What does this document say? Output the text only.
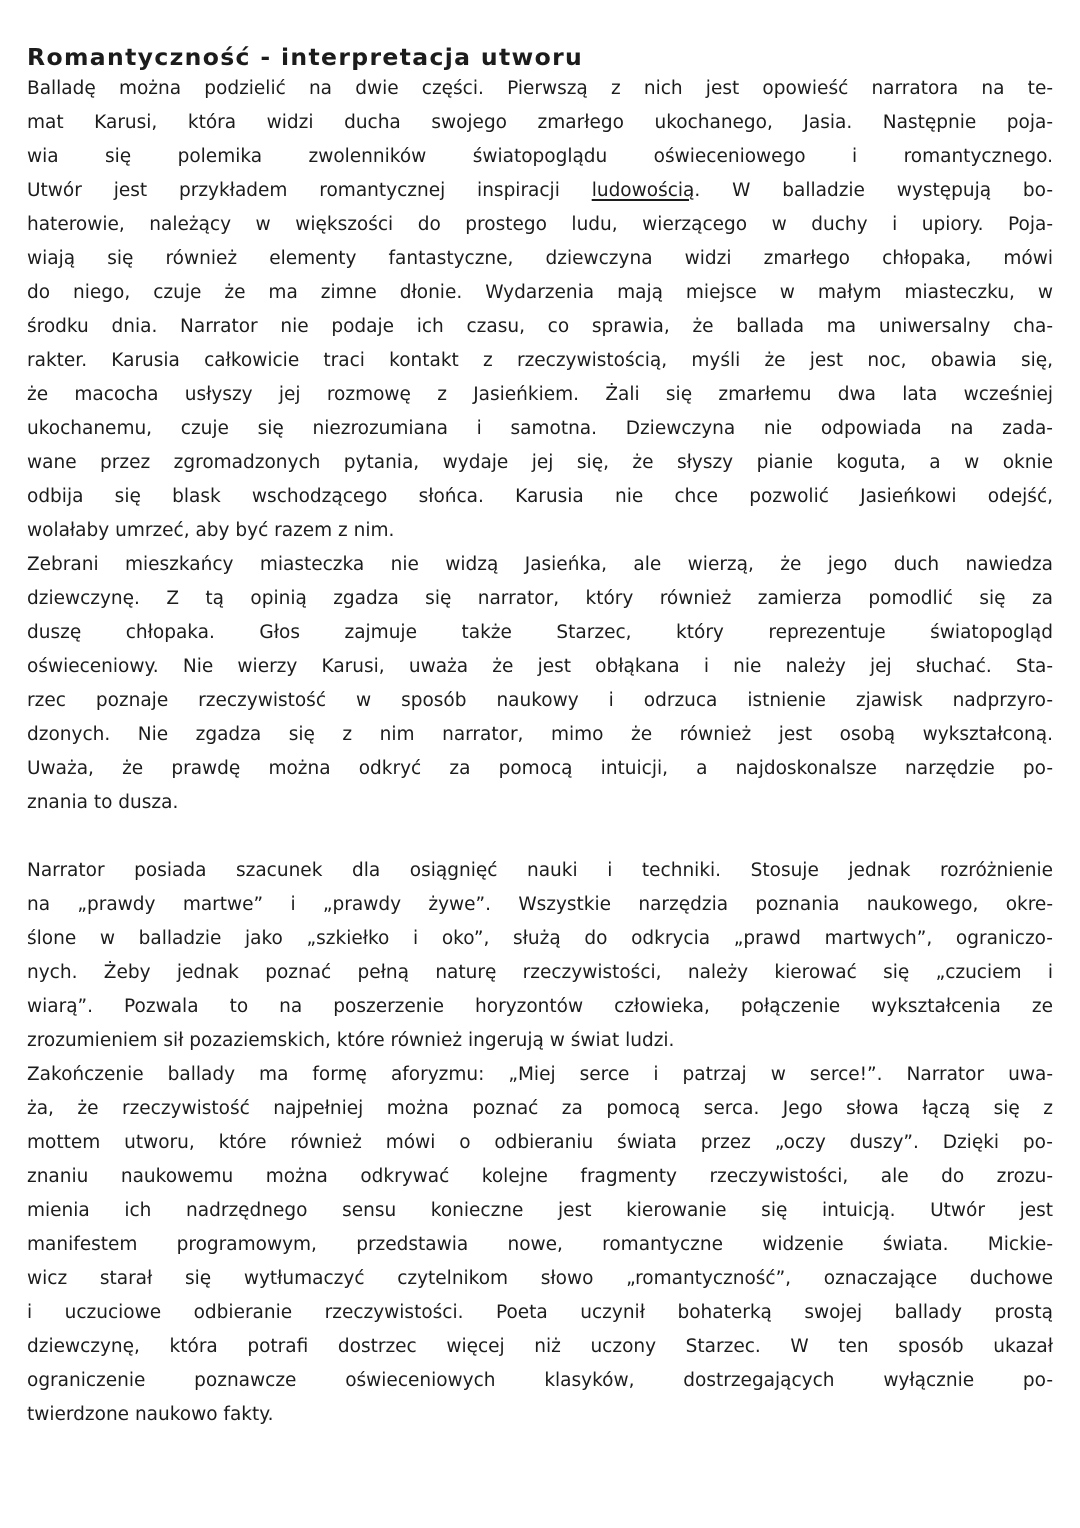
Romantyczność - interpretacja utworu
Balladę można podzielić na dwie części. Pierwszą z nich jest opowieść narratora na te-
mat Karusi, która widzi ducha swojego zmarłego ukochanego, Jasia. Następnie poja-
wia się polemika zwolenników światopoglądu oświeceniowego i romantycznego.
Utwór jest przykładem romantycznej inspiracji ludowością. W balladzie występują bo-
haterowie, należący w większości do prostego ludu, wierzącego w duchy i upiory. Poja-
wiają się również elementy fantastyczne, dziewczyna widzi zmarłego chłopaka, mówi
do niego, czuje że ma zimne dłonie. Wydarzenia mają miejsce w małym miasteczku, w
środku dnia. Narrator nie podaje ich czasu, co sprawia, że ballada ma uniwersalny cha-
rakter. Karusia całkowicie traci kontakt z rzeczywistością, myśli że jest noc, obawia się,
że macocha usłyszy jej rozmowę z Jasieńkiem. Żali się zmarłemu dwa lata wcześniej
ukochanemu, czuje się niezrozumiana i samotna. Dziewczyna nie odpowiada na zada-
wane przez zgromadzonych pytania, wydaje jej się, że słyszy pianie koguta, a w oknie
odbija się blask wschodzącego słońca. Karusia nie chce pozwolić Jasieńkowi odejść,
wolałaby umrzeć, aby być razem z nim.
Zebrani mieszkańcy miasteczka nie widzą Jasieńka, ale wierzą, że jego duch nawiedza
dziewczynę. Z tą opinią zgadza się narrator, który również zamierza pomodlić się za
duszę chłopaka. Głos zajmuje także Starzec, który reprezentuje światopogląd
oświeceniowy. Nie wierzy Karusi, uważa że jest obłąkana i nie należy jej słuchać. Sta-
rzec poznaje rzeczywistość w sposób naukowy i odrzuca istnienie zjawisk nadprzyro-
dzonych. Nie zgadza się z nim narrator, mimo że również jest osobą wykształconą.
Uważa, że prawdę można odkryć za pomocą intuicji, a najdoskonalsze narzędzie po-
znania to dusza.
Narrator posiada szacunek dla osiągnięć nauki i techniki. Stosuje jednak rozróżnienie
na „prawdy martwe” i „prawdy żywe”. Wszystkie narzędzia poznania naukowego, okre-
ślone w balladzie jako „szkiełko i oko”, służą do odkrycia „prawd martwych”, ograniczo-
nych. Żeby jednak poznać pełną naturę rzeczywistości, należy kierować się „czuciem i
wiarą”. Pozwala to na poszerzenie horyzontów człowieka, połączenie wykształcenia ze
zrozumieniem sił pozaziemskich, które również ingerują w świat ludzi.
Zakończenie ballady ma formę aforyzmu: „Miej serce i patrzaj w serce!”. Narrator uwa-
ża, że rzeczywistość najpełniej można poznać za pomocą serca. Jego słowa łączą się z
mottem utworu, które również mówi o odbieraniu świata przez „oczy duszy”. Dzięki po-
znaniu naukowemu można odkrywać kolejne fragmenty rzeczywistości, ale do zrozu-
mienia ich nadrzędnego sensu konieczne jest kierowanie się intuicją. Utwór jest
manifestem programowym, przedstawia nowe, romantyczne widzenie świata. Mickie-
wicz starał się wytłumaczyć czytelnikom słowo „romantyczność”, oznaczające duchowe
i uczuciowe odbieranie rzeczywistości. Poeta uczynił bohaterką swojej ballady prostą
dziewczynę, która potrafi dostrzec więcej niż uczony Starzec. W ten sposób ukazał
ograniczenie poznawcze oświeceniowych klasyków, dostrzegających wyłącznie po-
twierdzone naukowo fakty.
